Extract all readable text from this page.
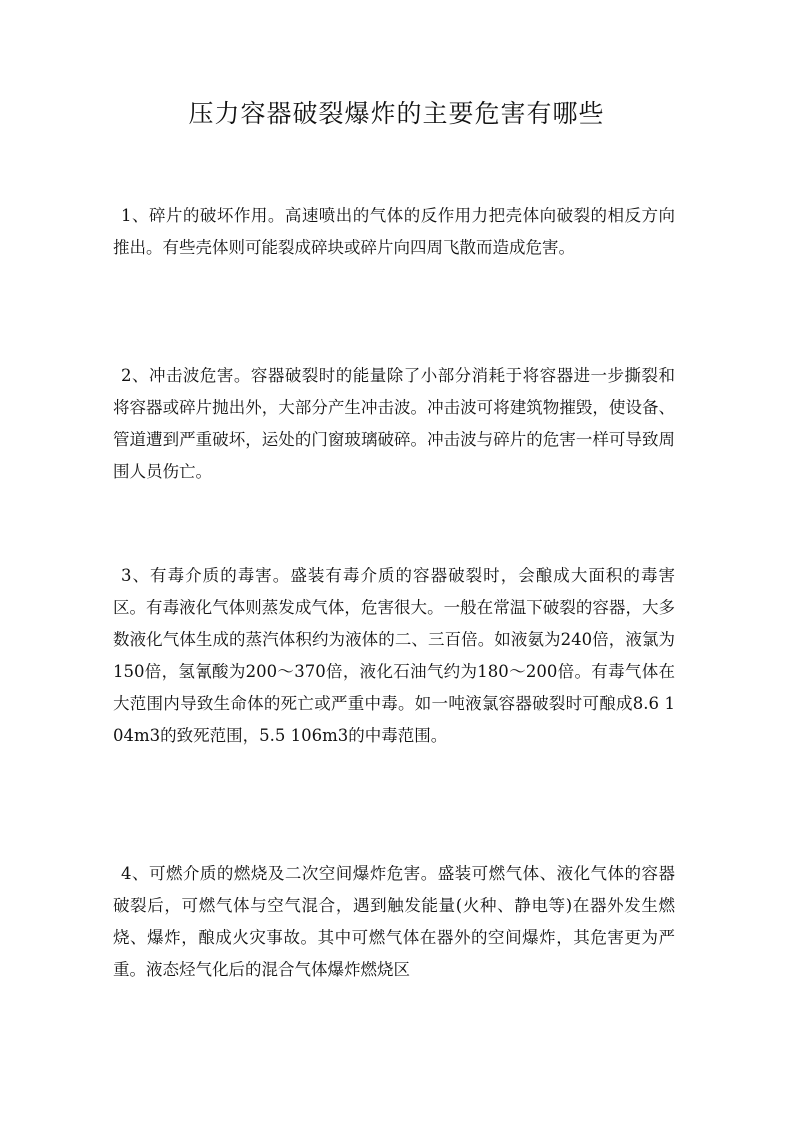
压力容器破裂爆炸的主要危害有哪些

1、碎片的破坏作用。高速喷出的气体的反作用力把壳体向破裂的相反方向推出。有些壳体则可能裂成碎块或碎片向四周飞散而造成危害。

2、冲击波危害。容器破裂时的能量除了小部分消耗于将容器进一步撕裂和将容器或碎片抛出外，大部分产生冲击波。冲击波可将建筑物摧毁，使设备、管道遭到严重破坏，运处的门窗玻璃破碎。冲击波与碎片的危害一样可导致周围人员伤亡。

3、有毒介质的毒害。盛装有毒介质的容器破裂时，会酿成大面积的毒害区。有毒液化气体则蒸发成气体，危害很大。一般在常温下破裂的容器，大多数液化气体生成的蒸汽体积约为液体的二、三百倍。如液氨为240倍，液氯为150倍，氢氰酸为200～370倍，液化石油气约为180～200倍。有毒气体在大范围内导致生命体的死亡或严重中毒。如一吨液氯容器破裂时可酿成8.6 104m3的致死范围，5.5 106m3的中毒范围。

4、可燃介质的燃烧及二次空间爆炸危害。盛装可燃气体、液化气体的容器破裂后，可燃气体与空气混合，遇到触发能量(火种、静电等)在器外发生燃烧、爆炸，酿成火灾事故。其中可燃气体在器外的空间爆炸，其危害更为严重。液态烃气化后的混合气体爆炸燃烧区
